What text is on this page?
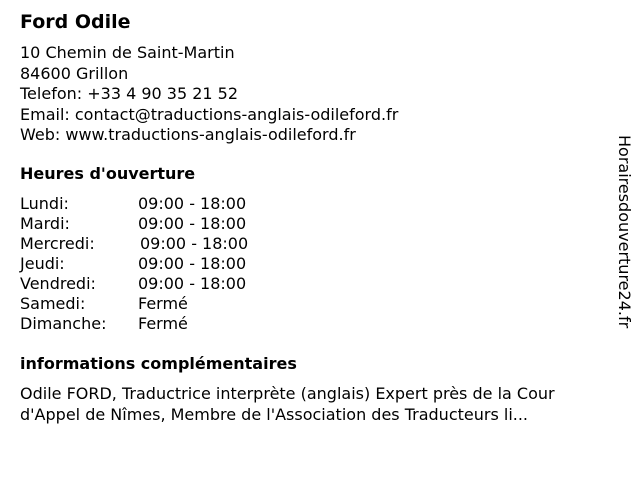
Ford Odile
10 Chemin de Saint-Martin
84600 Grillon
Telefon: +33 4 90 35 21 52
Email: contact@traductions-anglais-odileford.fr
Web: www.traductions-anglais-odileford.fr
Heures d'ouverture
Lundi:	09:00 - 18:00
Mardi:	09:00 - 18:00
Mercredi:	09:00 - 18:00
Jeudi:	09:00 - 18:00
Vendredi:	09:00 - 18:00
Samedi:	Fermé
Dimanche: Fermé
informations complémentaires
Odile FORD, Traductrice interprète (anglais) Expert près de la Cour
d'Appel de Nîmes, Membre de l'Association des Traducteurs li...
Horairesdouverture24.fr
